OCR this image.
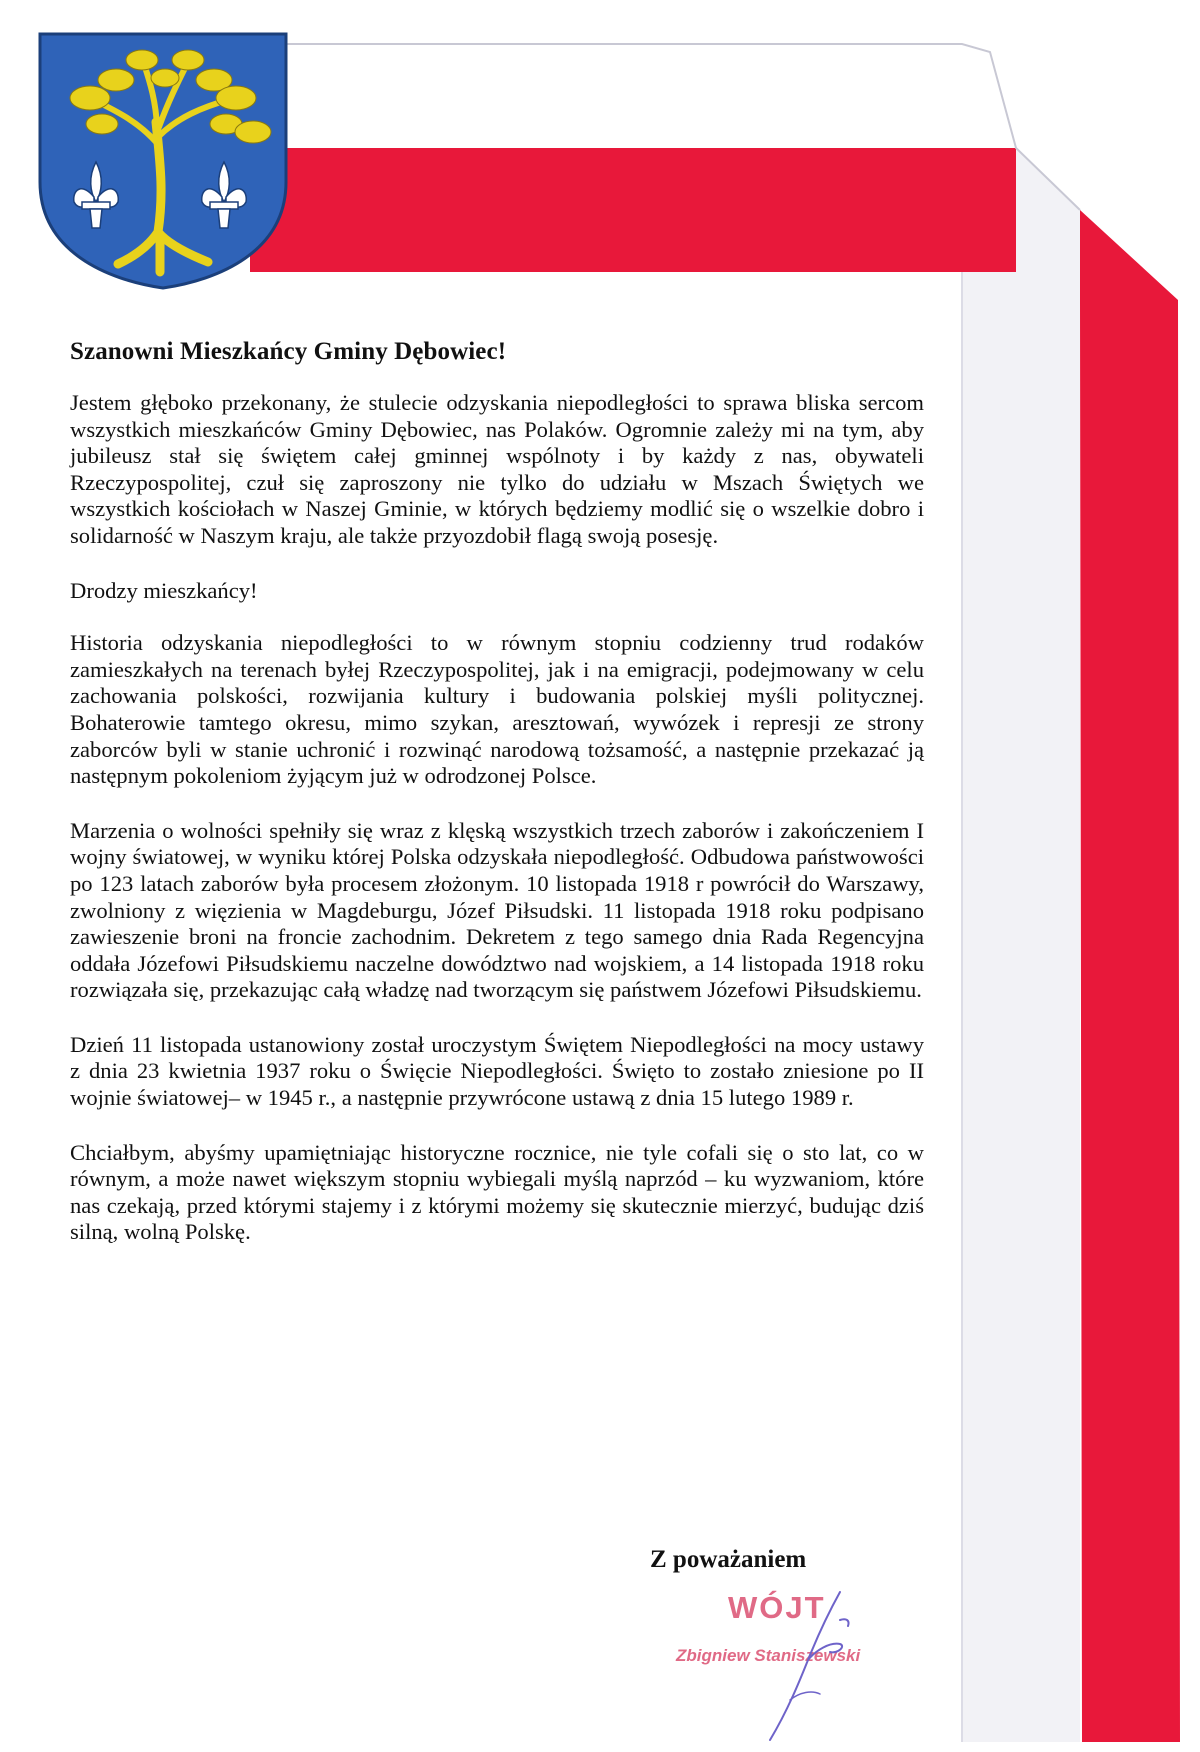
Szanowni Mieszkańcy Gminy Dębowiec!

Jestem głęboko przekonany, że stulecie odzyskania niepodległości to sprawa bliska sercom wszystkich mieszkańców Gminy Dębowiec, nas Polaków. Ogromnie zależy mi na tym, aby jubileusz stał się świętem całej gminnej wspólnoty i by każdy z nas, obywateli Rzeczypospolitej, czuł się zaproszony nie tylko do udziału w Mszach Świętych we wszystkich kościołach w Naszej Gminie, w których będziemy modlić się o wszelkie dobro i solidarność w Naszym kraju, ale także przyozdobił flagą swoją posesję.

Drodzy mieszkańcy!

Historia odzyskania niepodległości to w równym stopniu codzienny trud rodaków zamieszkałych na terenach byłej Rzeczypospolitej, jak i na emigracji, podejmowany w celu zachowania polskości, rozwijania kultury i budowania polskiej myśli politycznej. Bohaterowie tamtego okresu, mimo szykan, aresztowań, wywózek i represji ze strony zaborców byli w stanie uchronić i rozwinąć narodową tożsamość, a następnie przekazać ją następnym pokoleniom żyjącym już w odrodzonej Polsce.

Marzenia o wolności spełniły się wraz z klęską wszystkich trzech zaborów i zakończeniem I wojny światowej, w wyniku której Polska odzyskała niepodległość. Odbudowa państwowości po 123 latach zaborów była procesem złożonym. 10 listopada 1918 r powrócił do Warszawy, zwolniony z więzienia w Magdeburgu, Józef Piłsudski. 11 listopada 1918 roku podpisano zawieszenie broni na froncie zachodnim. Dekretem z tego samego dnia Rada Regencyjna oddała Józefowi Piłsudskiemu naczelne dowództwo nad wojskiem, a 14 listopada 1918 roku rozwiązała się, przekazując całą władzę nad tworzącym się państwem Józefowi Piłsudskiemu.

Dzień 11 listopada ustanowiony został uroczystym Świętem Niepodległości na mocy ustawy z dnia 23 kwietnia 1937 roku o Święcie Niepodległości. Święto to zostało zniesione po II wojnie światowej– w 1945 r., a następnie przywrócone ustawą z dnia 15 lutego 1989 r.

Chciałbym, abyśmy upamiętniając historyczne rocznice, nie tyle cofali się o sto lat, co w równym, a może nawet większym stopniu wybiegali myślą naprzód – ku wyzwaniom, które nas czekają, przed którymi stajemy i z którymi możemy się skutecznie mierzyć, budując dziś silną, wolną Polskę.

Z poważaniem
WÓJT
Zbigniew Staniszewski
